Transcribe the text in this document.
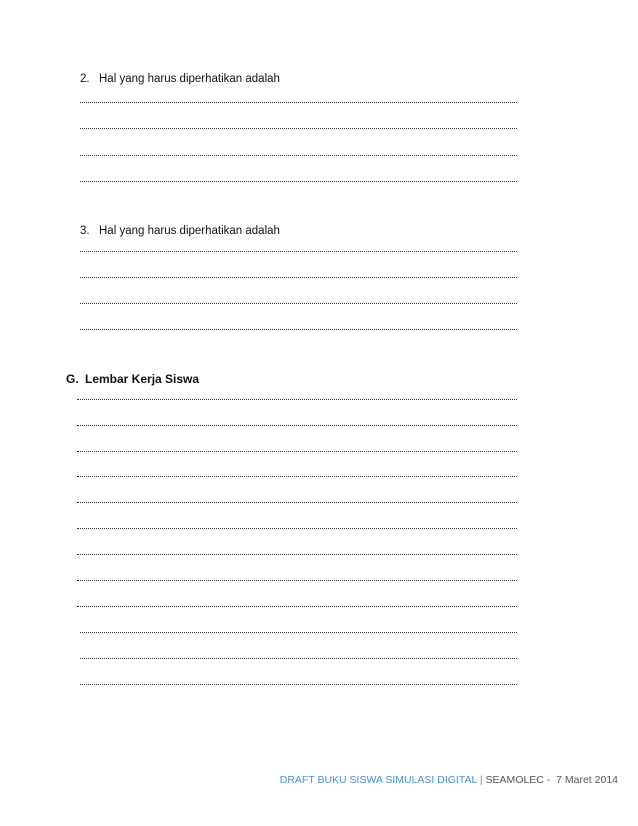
2. Hal yang harus diperhatikan adalah
3. Hal yang harus diperhatikan adalah
G. Lembar Kerja Siswa
DRAFT BUKU SISWA SIMULASI DIGITAL | SEAMOLEC - 7 Maret 2014
